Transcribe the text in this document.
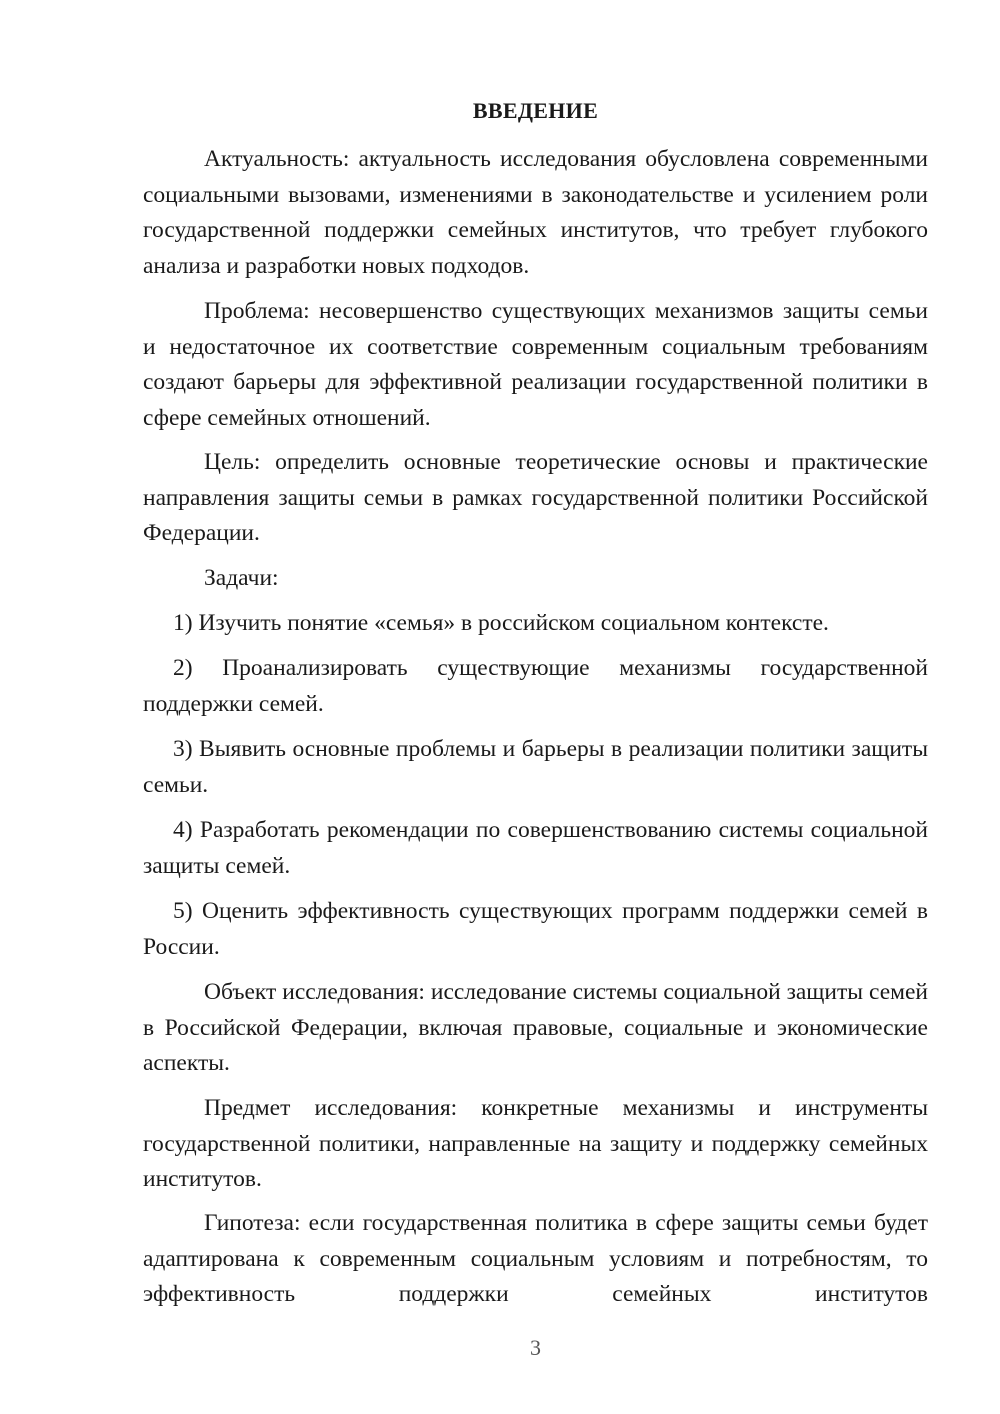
ВВЕДЕНИЕ

Актуальность: актуальность исследования обусловлена современными социальными вызовами, изменениями в законодательстве и усилением роли государственной поддержки семейных институтов, что требует глубокого анализа и разработки новых подходов.

Проблема: несовершенство существующих механизмов защиты семьи и недостаточное их соответствие современным социальным требованиям создают барьеры для эффективной реализации государственной политики в сфере семейных отношений.

Цель: определить основные теоретические основы и практические направления защиты семьи в рамках государственной политики Российской Федерации.

Задачи:

1) Изучить понятие «семья» в российском социальном контексте.

2) Проанализировать существующие механизмы государственной поддержки семей.

3) Выявить основные проблемы и барьеры в реализации политики защиты семьи.

4) Разработать рекомендации по совершенствованию системы социальной защиты семей.

5) Оценить эффективность существующих программ поддержки семей в России.

Объект исследования: исследование системы социальной защиты семей в Российской Федерации, включая правовые, социальные и экономические аспекты.

Предмет исследования: конкретные механизмы и инструменты государственной политики, направленные на защиту и поддержку семейных институтов.

Гипотеза: если государственная политика в сфере защиты семьи будет адаптирована к современным социальным условиям и потребностям, то эффективность поддержки семейных институтов

3
